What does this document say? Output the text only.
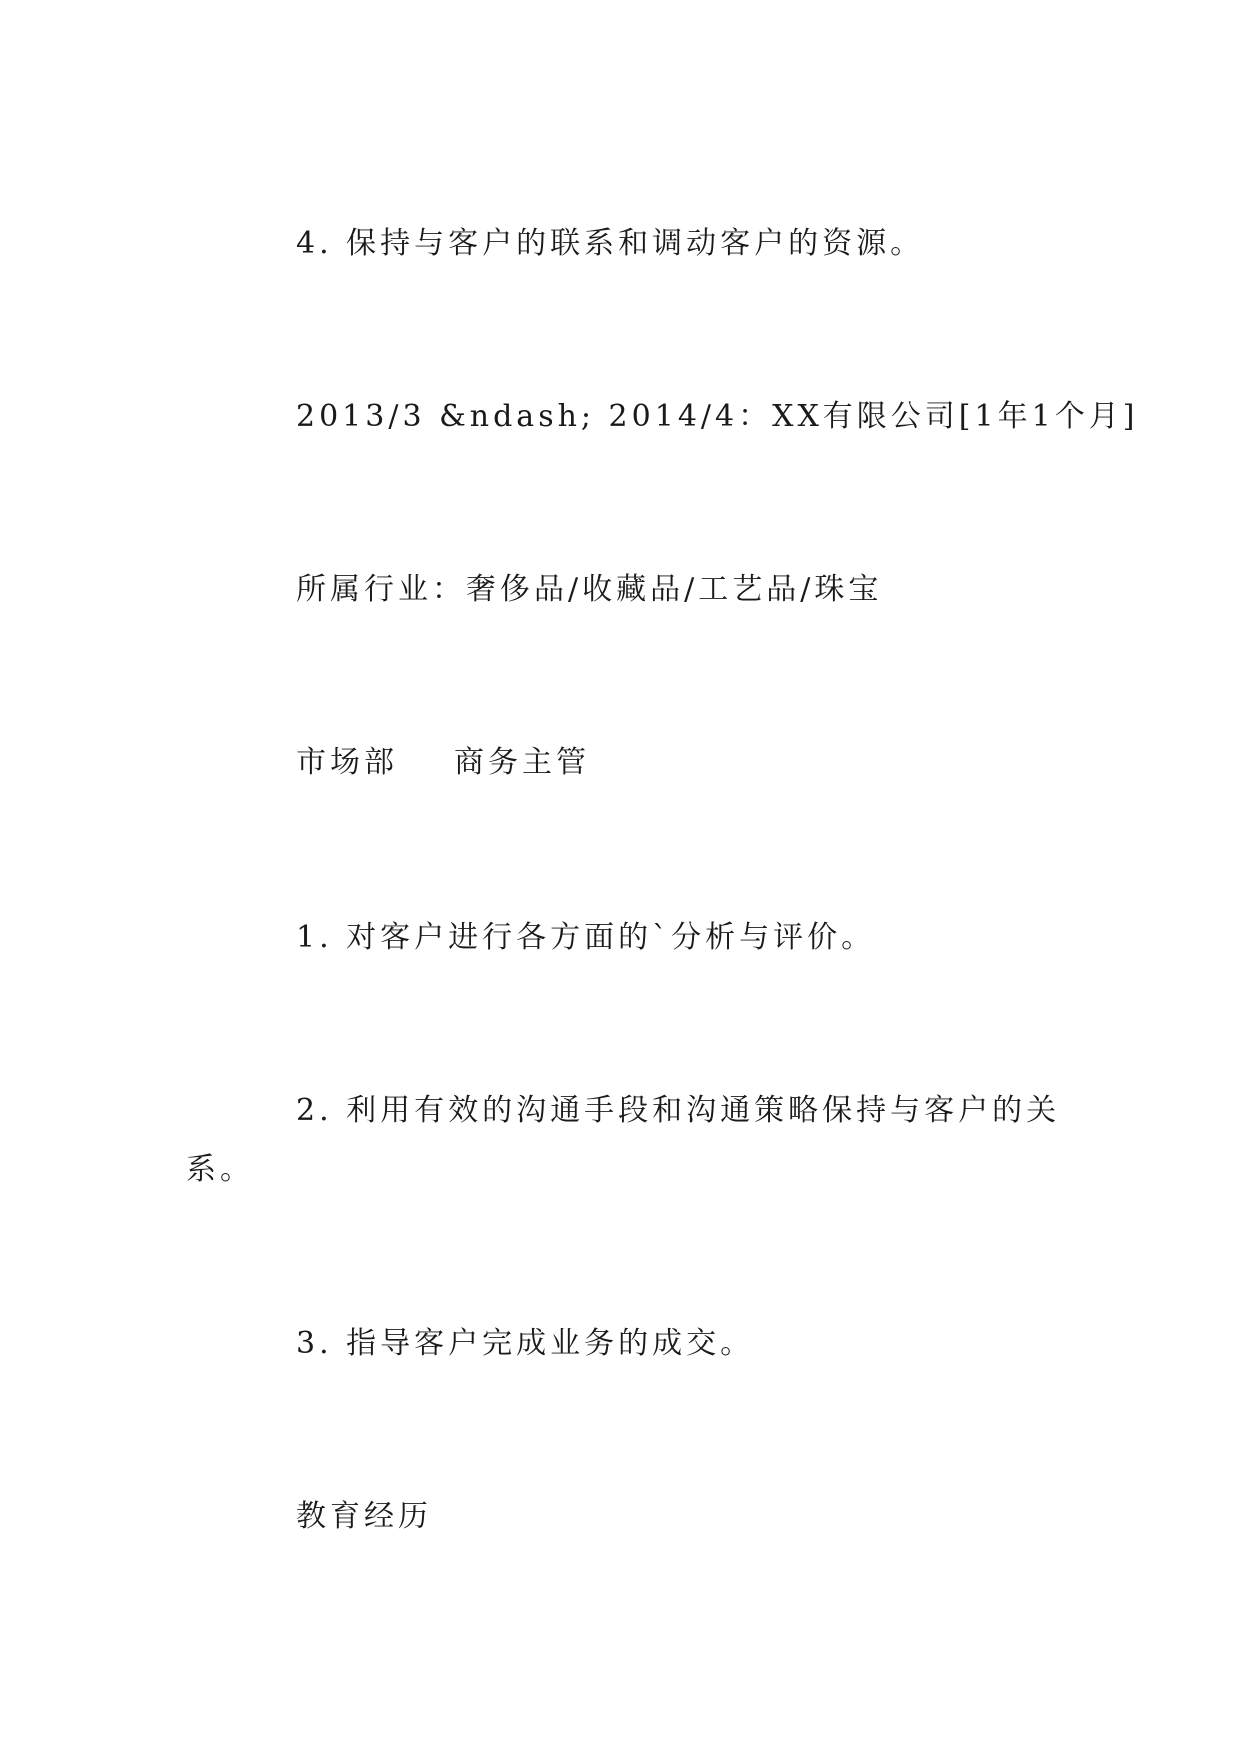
4. 保持与客户的联系和调动客户的资源。
2013/3 &ndash; 2014/4：XX有限公司[1年1个月]
所属行业：奢侈品/收藏品/工艺品/珠宝
市场部 商务主管
1. 对客户进行各方面的`分析与评价。
2. 利用有效的沟通手段和沟通策略保持与客户的关
系。
3. 指导客户完成业务的成交。
教育经历
